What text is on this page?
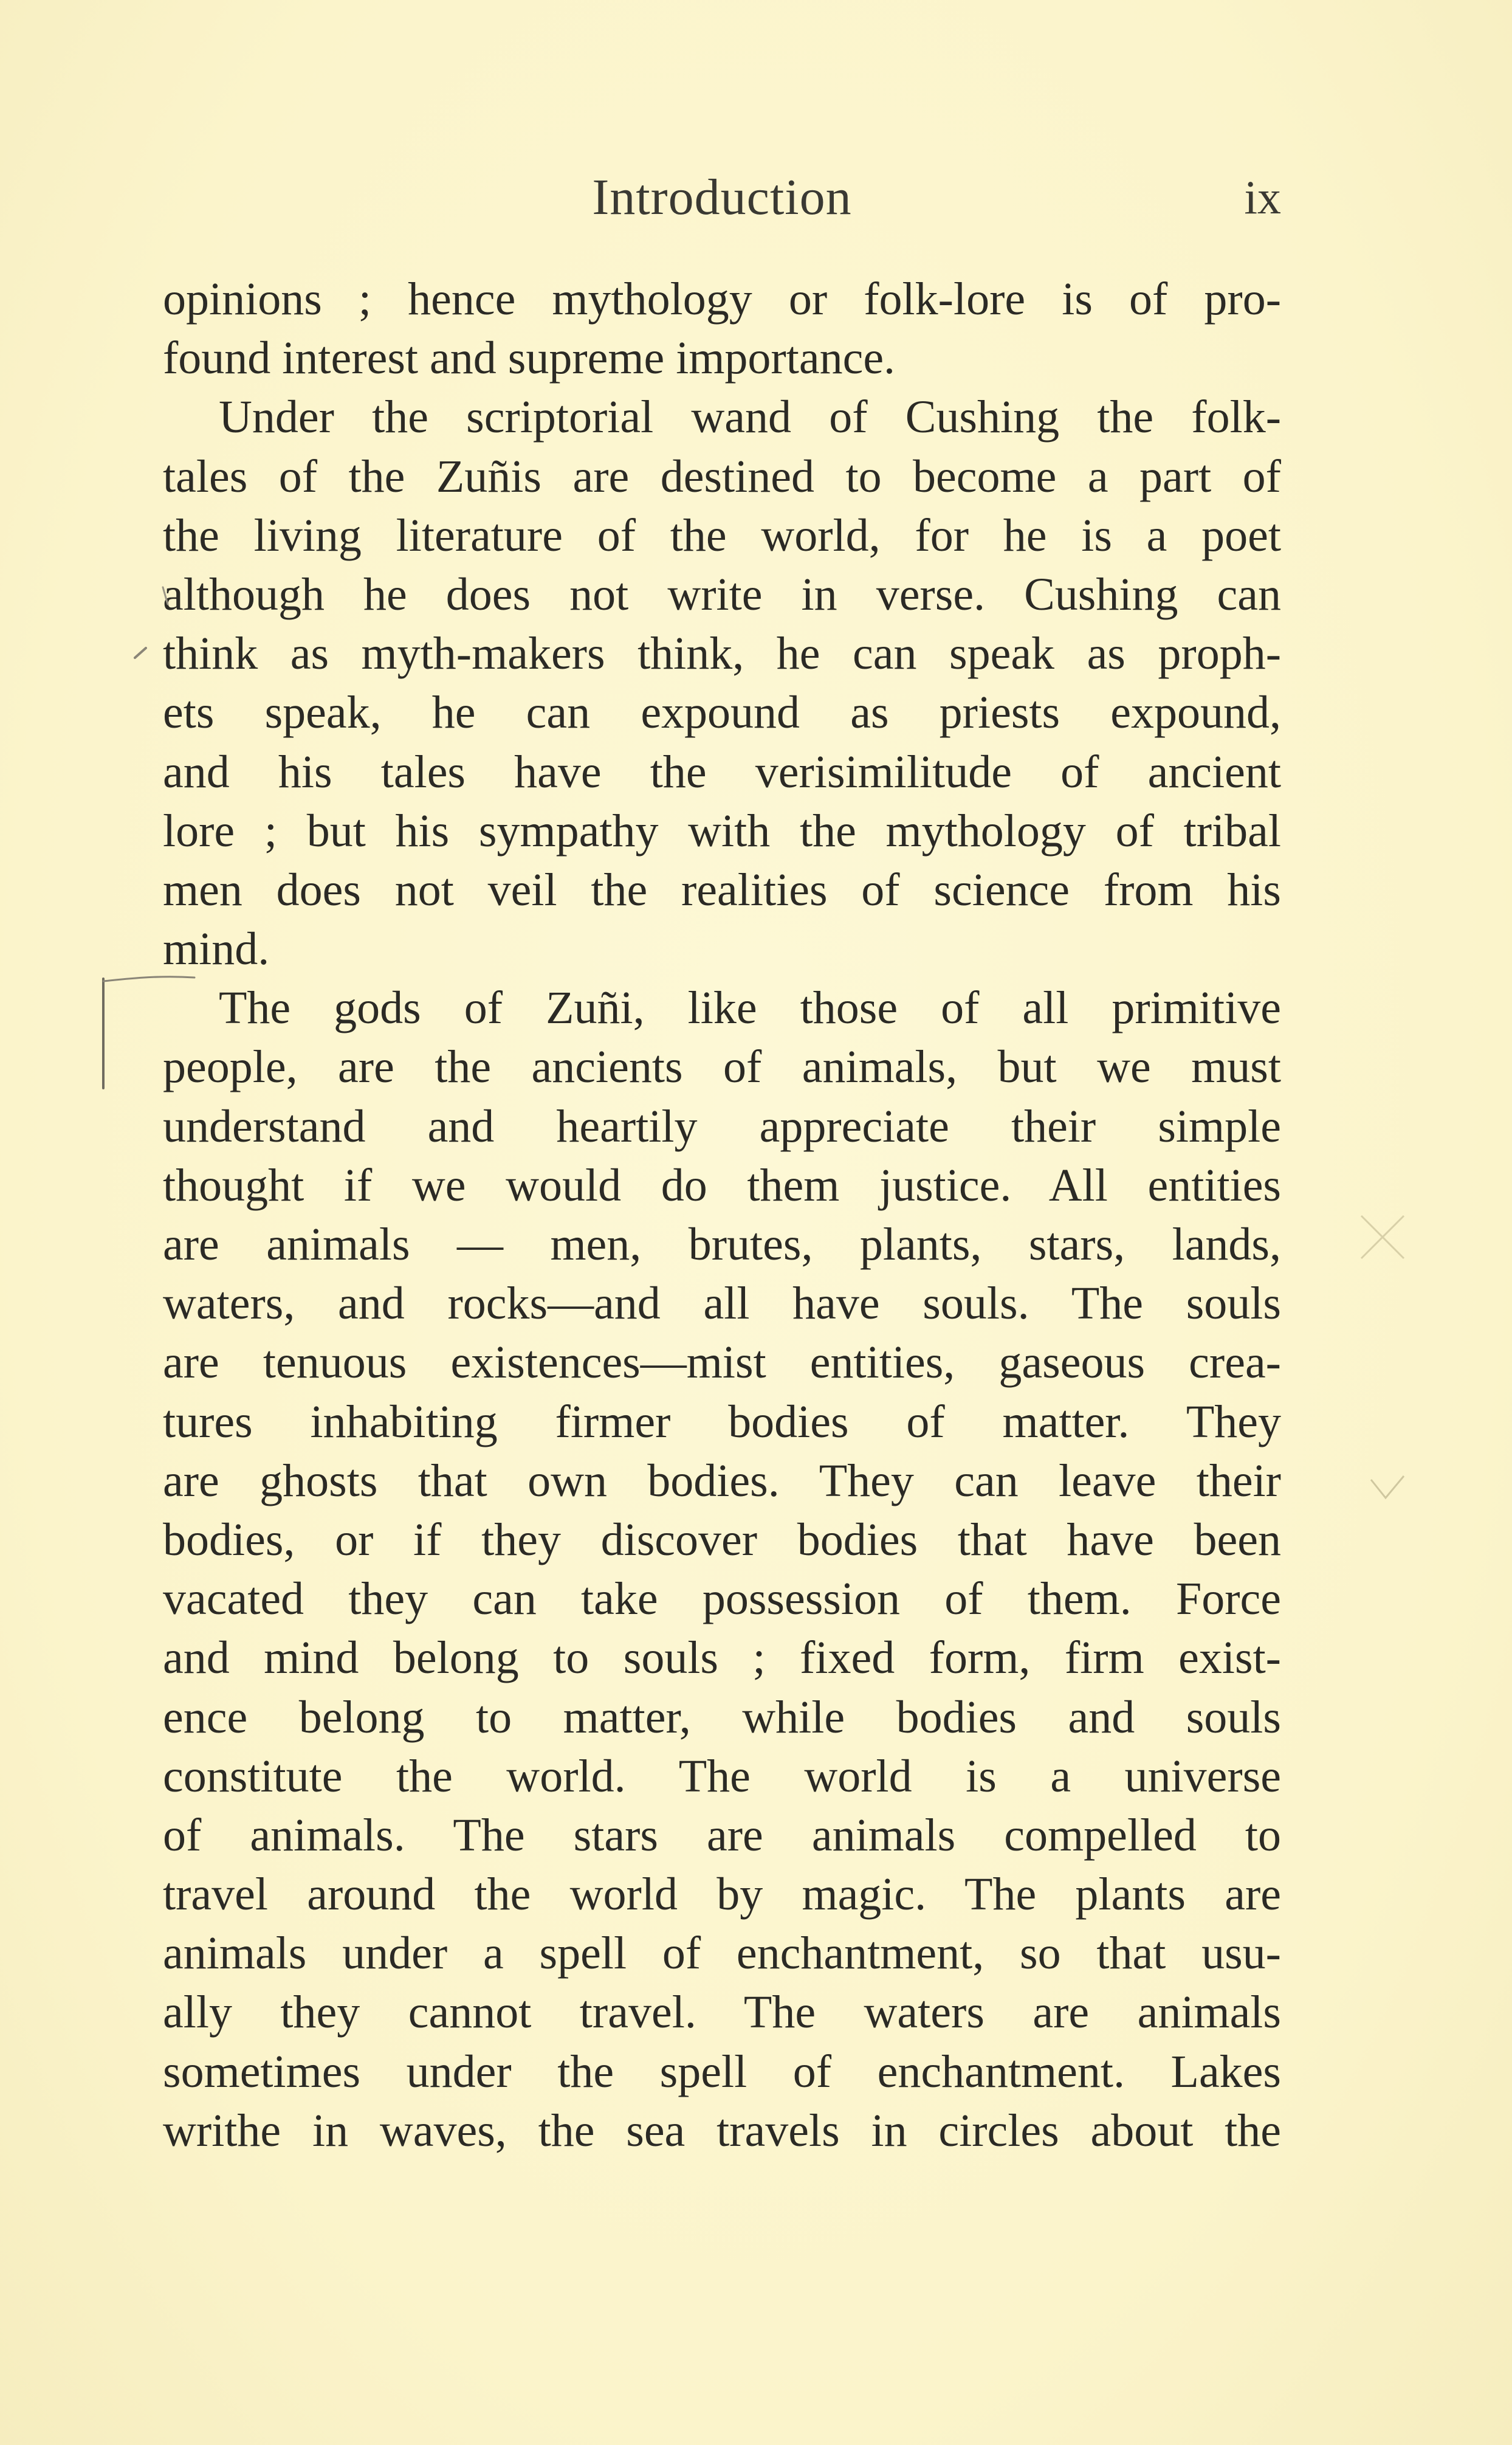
Introduction	ix
opinions ; hence mythology or folk-lore is of pro-
found interest and supreme importance.
Under the scriptorial wand of Cushing the folk-
tales of the Zuñis are destined to become a part of
the living literature of the world, for he is a poet
although he does not write in verse. Cushing can
think as myth-makers think, he can speak as proph-
ets speak, he can expound as priests expound,
and his tales have the verisimilitude of ancient
lore ; but his sympathy with the mythology of tribal
men does not veil the realities of science from his
mind.
The gods of Zuñi, like those of all primitive
people, are the ancients of animals, but we must
understand and heartily appreciate their simple
thought if we would do them justice. All entities
are animals — men, brutes, plants, stars, lands,
waters, and rocks—and all have souls. The souls
are tenuous existences—mist entities, gaseous crea-
tures inhabiting firmer bodies of matter. They
are ghosts that own bodies. They can leave their
bodies, or if they discover bodies that have been
vacated they can take possession of them. Force
and mind belong to souls ; fixed form, firm exist-
ence belong to matter, while bodies and souls
constitute the world. The world is a universe
of animals. The stars are animals compelled to
travel around the world by magic. The plants are
animals under a spell of enchantment, so that usu-
ally they cannot travel. The waters are animals
sometimes under the spell of enchantment. Lakes
writhe in waves, the sea travels in circles about the
